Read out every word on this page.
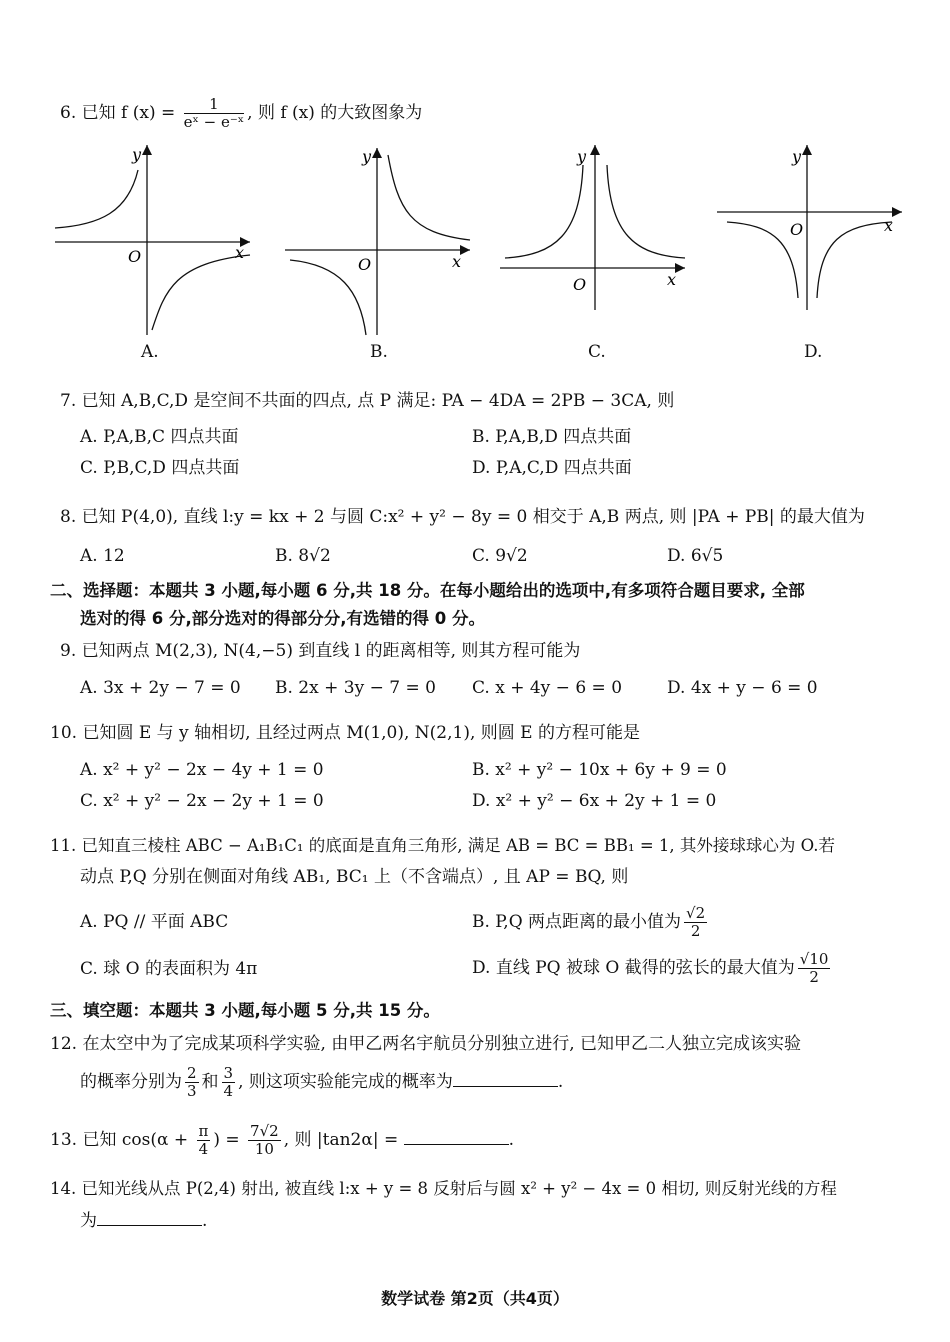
6. 已知 f $(x) = \frac{1}{\text{eˣ − e⁻ˣ}}$ , 则 f (x) 的大致图象为
y
x
O
A.
y
x
O
B.
y
x
O
C.
y
x
O
D.
7. 已知 A,B,C,D 是空间不共面的四点, 点 P 满足: PA − 4DA = 2PB − 3CA, 则
A. P,A,B,C 四点共面	B. P,A,B,D 四点共面
C. P,B,C,D 四点共面	D. P,A,C,D 四点共面
8. 已知 P(4,0), 直线 l:y = kx + 2 与圆 C:x² + y² − 8y = 0 相交于 A,B 两点, 则 |PA + PB| 的最大值为
A. 12	B. 8√2	C. 9√2	D. 6√5
二、选择题：本题共 3 小题,每小题 6 分,共 18 分。在每小题给出的选项中,有多项符合题目要求, 全部
选对的得 6 分,部分选对的得部分分,有选错的得 0 分。
9. 已知两点 M(2,3), N(4,−5) 到直线 l 的距离相等, 则其方程可能为
A. 3x + 2y − 7 = 0 B. 2x + 3y − 7 = 0 C. x + 4y − 6 = 0	D. 4x + y − 6 = 0
10. 已知圆 E 与 y 轴相切, 且经过两点 M(1,0), N(2,1), 则圆 E 的方程可能是
A. x² + y² − 2x − 4y + 1 = 0	B. x² + y² − 10x + 6y + 9 = 0
C. x² + y² − 2x − 2y + 1 = 0	D. x² + y² − 6x + 2y + 1 = 0
11. 已知直三棱柱 ABC − A₁B₁C₁ 的底面是直角三角形, 满足 AB = BC = BB₁ = 1, 其外接球球心为 O.若
动点 P,Q 分别在侧面对角线 AB₁, BC₁ 上（不含端点）, 且 AP = BQ, 则
A. PQ // 平面 ABC	B. P,Q 两点距离的最小值为 $\frac{√2}{2}$
C. 球 O 的表面积为 4π	D. 直线 PQ 被球 O 截得的弦长的最大值为 $\frac{√10}{2}$
三、填空题：本题共 3 小题,每小题 5 分,共 15 分。
12. 在太空中为了完成某项科学实验, 由甲乙两名宇航员分别独立进行, 已知甲乙二人独立完成该实验
的概率分别为 $\frac{2}{3}$ 和 $\frac{3}{4}$ , 则这项实验能完成的概率为	.
13. 已知 $\cos(\alpha + \frac{\pi}{4}$ ) = $\frac{7√2}{10}$ , 则 |tan2α| =	.
14. 已知光线从点 P(2,4) 射出, 被直线 l:x + y = 8 反射后与圆 x² + y² − 4x = 0 相切, 则反射光线的方程
为	.
数学试卷 第2页（共4页）
